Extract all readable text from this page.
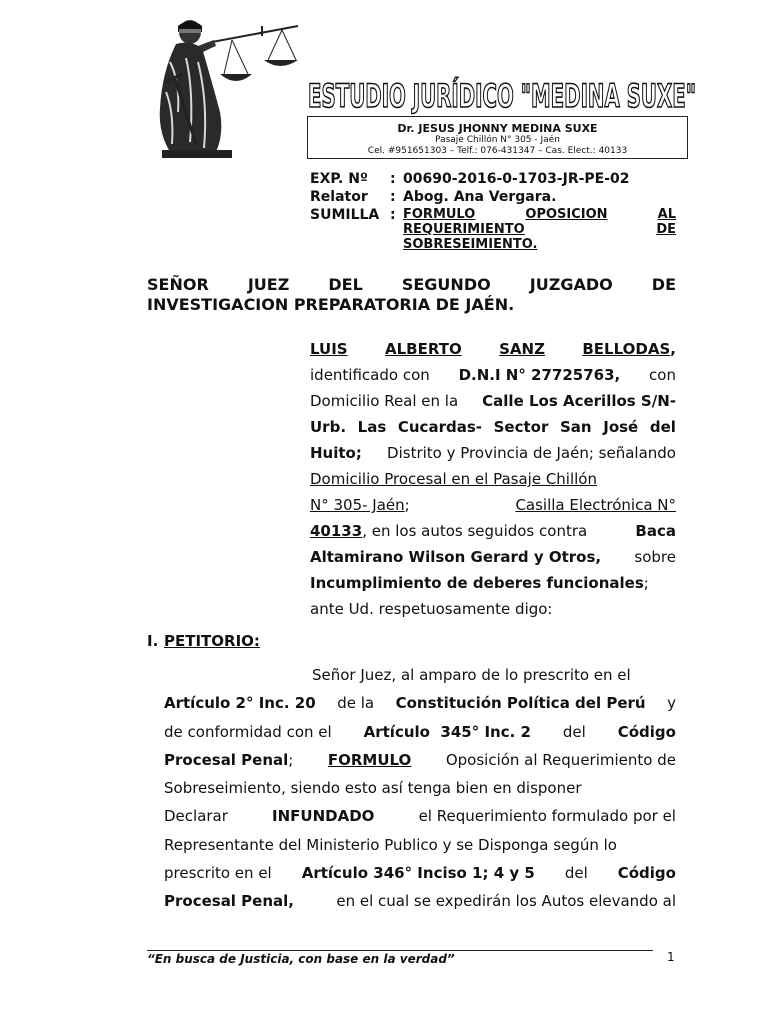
ESTUDIO JURÍDICO "MEDINA SUXE"
Dr. JESUS JHONNY MEDINA SUXE
Pasaje Chillón N° 305 - Jaén
Cel. #951651303 – Telf.: 076-431347 – Cas. Elect.: 40133
EXP. Nº : 00690-2016-0-1703-JR-PE-02
Relator : Abog. Ana Vergara.
SUMILLA : FORMULO	OPOSICION	AL
REQUERIMIENTO	DE
SOBRESEIMIENTO.
SEÑOR JUEZ DEL SEGUNDO JUZGADO DE
INVESTIGACION PREPARATORIA DE JAÉN.
LUIS ALBERTO SANZ BELLODAS,
identificado con D.N.I N° 27725763, con
Domicilio Real en la Calle Los Acerillos S/N-
Urb. Las Cucardas- Sector San José del
Huito; Distrito y Provincia de Jaén; señalando
Domicilio Procesal en el Pasaje Chillón
N° 305- Jaén;	Casilla Electrónica N°
40133, en los autos seguidos contra	Baca
Altamirano Wilson Gerard y Otros, sobre
Incumplimiento de deberes funcionales;
ante Ud. respetuosamente digo:
I. PETITORIO:
Señor Juez, al amparo de lo prescrito en el
Artículo 2° Inc. 20 de la Constitución Política del Perú y
de conformidad con el Artículo  345° Inc. 2 del Código
Procesal Penal; FORMULO Oposición al Requerimiento de
Sobreseimiento, siendo esto así tenga bien en disponer
Declarar	INFUNDADO	el Requerimiento formulado por el
Representante del Ministerio Publico y se Disponga según lo
prescrito en el Artículo 346° Inciso 1; 4 y 5 del Código
Procesal Penal,	en el cual se expedirán los Autos elevando al
“En busca de Justicia, con base en la verdad”	1
